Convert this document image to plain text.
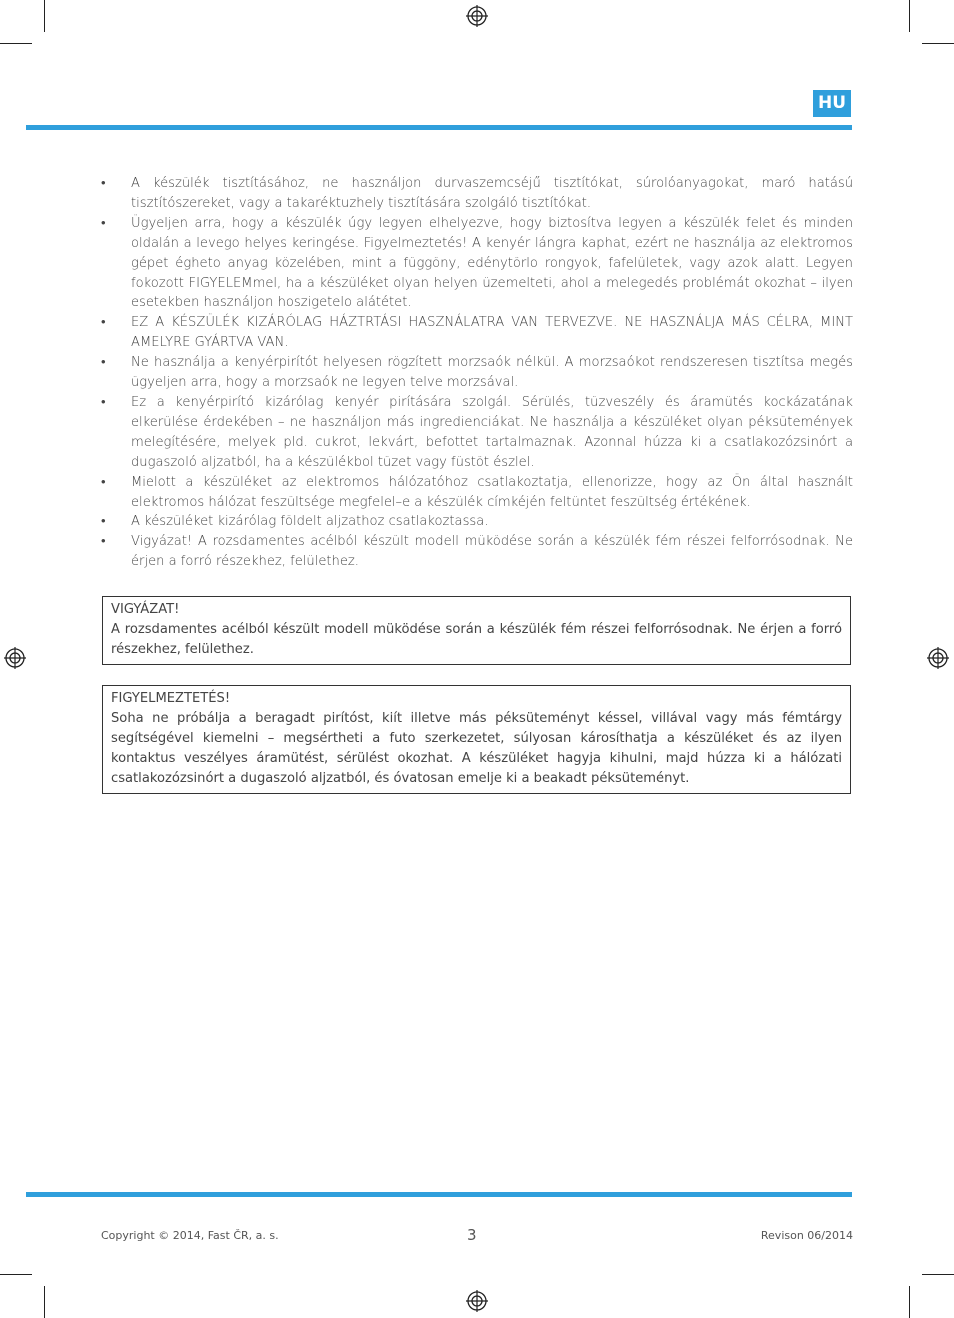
HU
• A készülék tisztításához, ne használjon durvaszemcséjű tisztítókat, súrolóanyagokat, maró hatású tisztítószereket, vagy a takaréktuzhely tisztítására szolgáló tisztítókat.
• Ügyeljen arra, hogy a készülék úgy legyen elhelyezve, hogy biztosítva legyen a készülék felet és minden oldalán a levego helyes keringése. Figyelmeztetés! A kenyér lángra kaphat, ezért ne használja az elektromos gépet égheto anyag közelében, mint a függöny, edénytörlo rongyok, fafelületek, vagy azok alatt. Legyen fokozott FIGYELEMmel, ha a készüléket olyan helyen üzemelteti, ahol a melegedés problémát okozhat – ilyen esetekben használjon hoszigetelo alátétet.
• EZ A KÉSZÜLÉK KIZÁRÓLAG HÁZTRTÁSI HASZNÁLATRA VAN TERVEZVE. NE HASZNÁLJA MÁS CÉLRA, MINT AMELYRE GYÁRTVA VAN.
• Ne használja a kenyérpirítót helyesen rögzített morzsaók nélkül. A morzsaókot rendszeresen tisztítsa megés ügyeljen arra, hogy a morzsaók ne legyen telve morzsával.
• Ez a kenyérpirító kizárólag kenyér pirítására szolgál. Sérülés, tüzveszély és áramütés kockázatának elkerülése érdekében – ne használjon más ingredienciákat. Ne használja a készüléket olyan péksütemények melegítésére, melyek pld. cukrot, lekvárt, befottet tartalmaznak. Azonnal húzza ki a csatlakozózsinórt a dugaszoló aljzatból, ha a készülékbol tüzet vagy füstöt észlel.
• Mielott a készüléket az elektromos hálózatóhoz csatlakoztatja, ellenorizze, hogy az Ön által használt elektromos hálózat feszültsége megfelel–e a készülék címkéjén feltüntet feszültség értékének.
• A készüléket kizárólag földelt aljzathoz csatlakoztassa.
• Vigyázat! A rozsdamentes acélból készült modell müködése során a készülék fém részei felforrósodnak. Ne érjen a forró részekhez, felülethez.

VIGYÁZAT!

A rozsdamentes acélból készült modell müködése során a készülék fém részei felforrósodnak. Ne érjen a forró részekhez, felülethez.

FIGYELMEZTETÉS!

Soha ne próbálja a beragadt pirítóst, kiít illetve más péksüteményt késsel, villával vagy más fémtárgy segítségével kiemelni – megsértheti a futo szerkezetet, súlyosan károsíthatja a készüléket és az ilyen kontaktus veszélyes áramütést, sérülést okozhat. A készüléket hagyja kihulni, majd húzza ki a hálózati csatlakozózsinórt a dugaszoló aljzatból, és óvatosan emelje ki a beakadt péksüteményt.

Copyright © 2014, Fast ČR, a. s.	3	Revison 06/2014
